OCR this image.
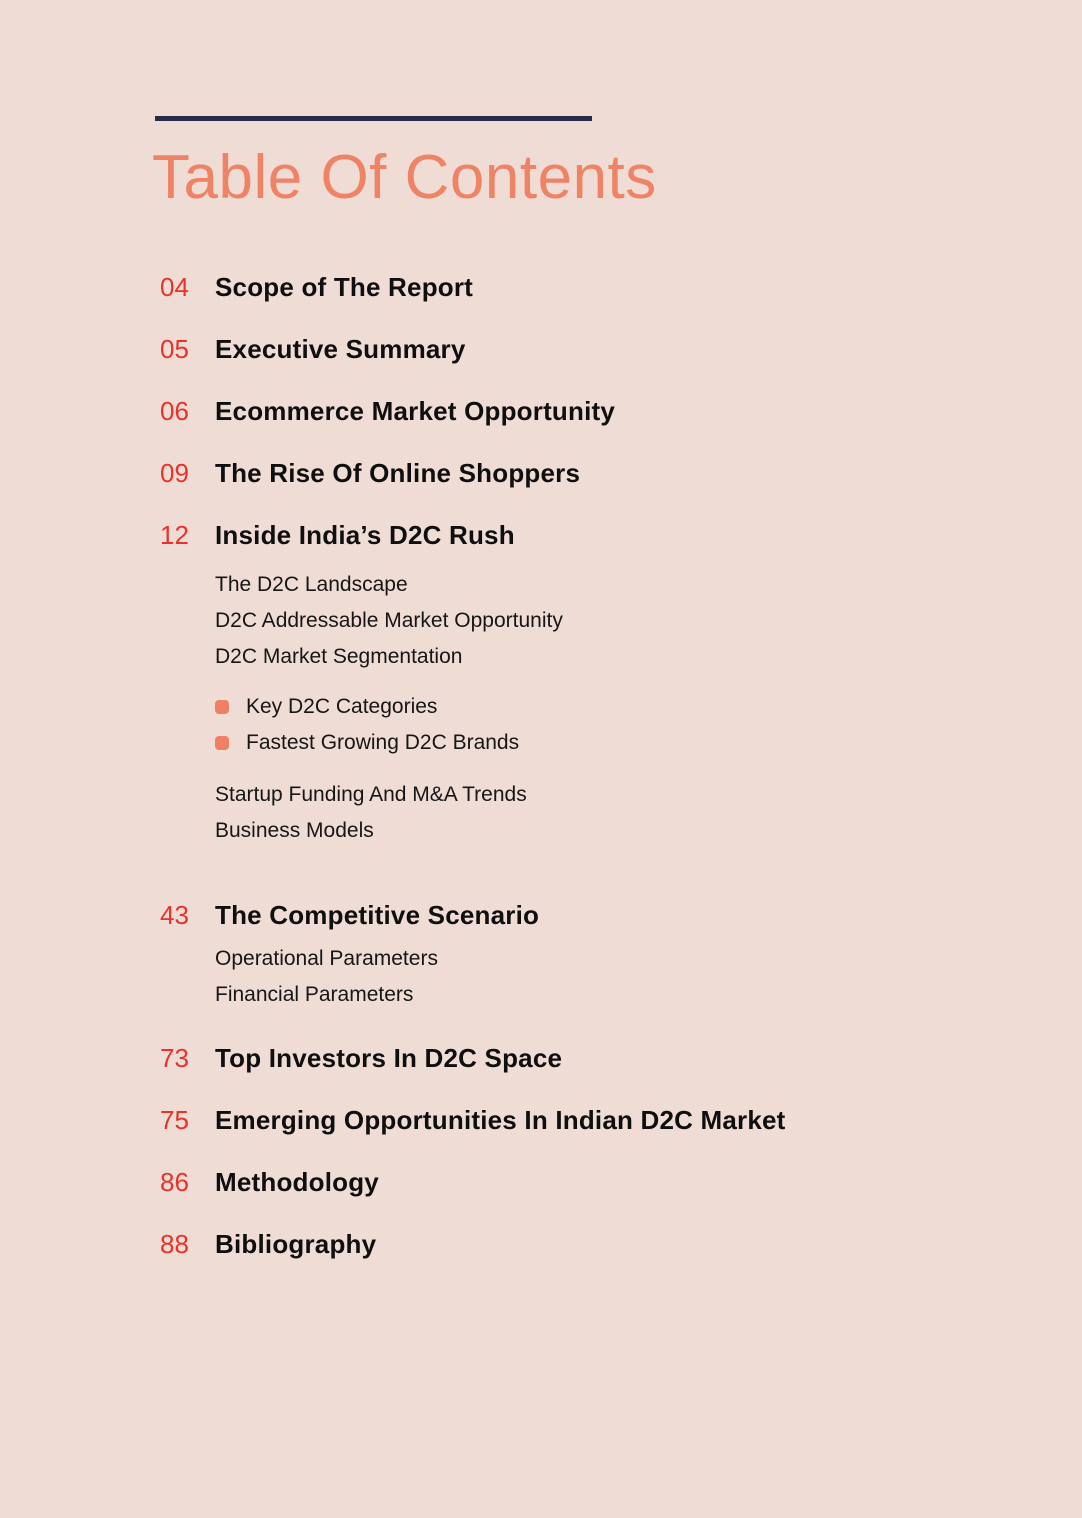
Table Of Contents
04	Scope of The Report
05	Executive Summary
06	Ecommerce Market Opportunity
09	The Rise Of Online Shoppers
12	Inside India’s D2C Rush
The D2C Landscape
D2C Addressable Market Opportunity
D2C Market Segmentation
Key D2C Categories
Fastest Growing D2C Brands
Startup Funding And M&A Trends
Business Models
43	The Competitive Scenario
Operational Parameters
Financial Parameters
73	Top Investors In D2C Space
75	Emerging Opportunities In Indian D2C Market
86	Methodology
88	Bibliography
